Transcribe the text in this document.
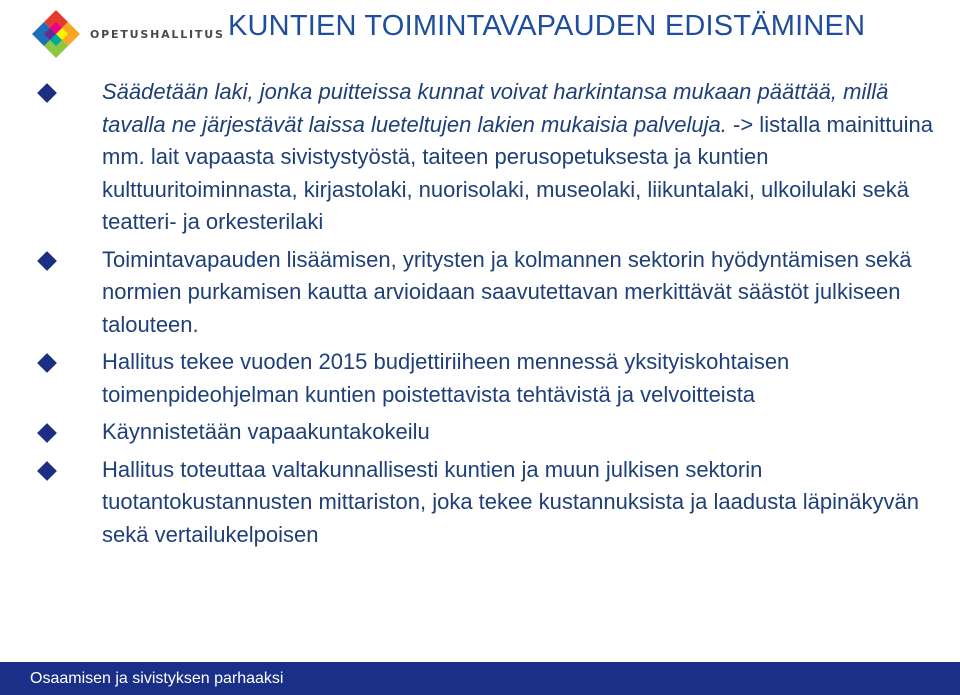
OPETUSHALLITUS KUNTIEN TOIMINTAVAPAUDEN EDISTÄMINEN
Säädetään laki, jonka puitteissa kunnat voivat harkintansa mukaan päättää, millä tavalla ne järjestävät laissa lueteltujen lakien mukaisia palveluja. -> listalla mainittuina mm. lait vapaasta sivistystyöstä, taiteen perusopetuksesta ja kuntien kulttuuritoiminnasta, kirjastolaki, nuorisolaki, museolaki, liikuntalaki, ulkoilulaki sekä teatteri- ja orkesterilaki
Toimintavapauden lisäämisen, yritysten ja kolmannen sektorin hyödyntämisen sekä normien purkamisen kautta arvioidaan saavutettavan merkittävät säästöt julkiseen talouteen.
Hallitus tekee vuoden 2015 budjettiriiheen mennessä yksityiskohtaisen toimenpideohjelman kuntien poistettavista tehtävistä ja velvoitteista
Käynnistetään vapaakuntakokeilu
Hallitus toteuttaa valtakunnallisesti kuntien ja muun julkisen sektorin tuotantokustannusten mittariston, joka tekee kustannuksista ja laadusta läpinäkyvän sekä vertailukelpoisen
Osaamisen ja sivistyksen parhaaksi
